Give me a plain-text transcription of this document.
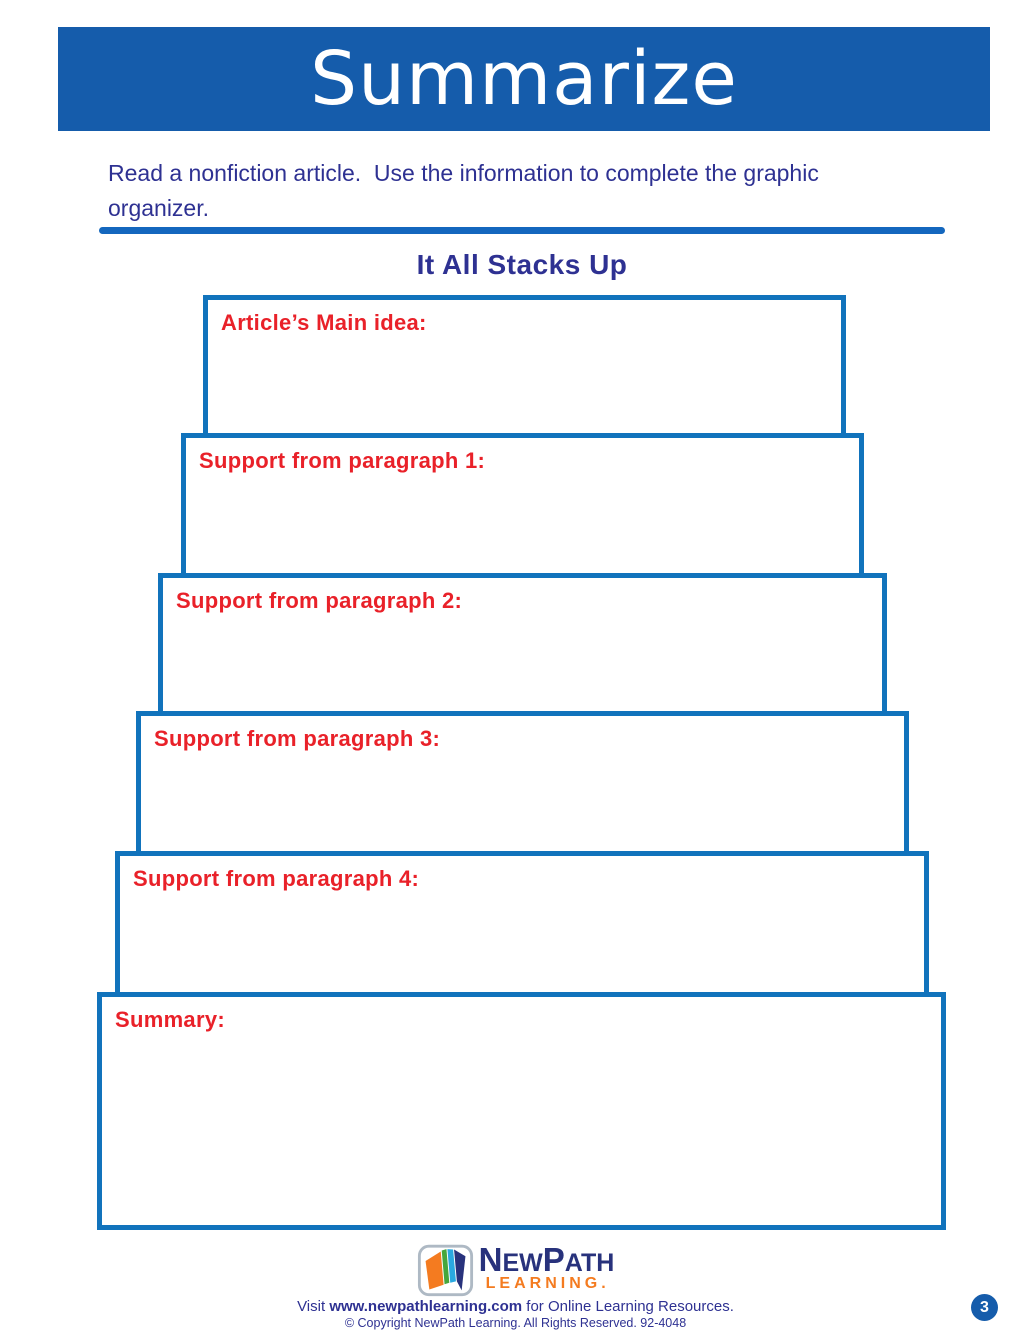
Summarize

Read a nonfiction article.  Use the information to complete the graphic organizer.

It All Stacks Up

Article’s Main idea:

Support from paragraph 1:

Support from paragraph 2:

Support from paragraph 3:

Support from paragraph 4:

Summary:

NEWPATH
LEARNING.

Visit www.newpathlearning.com for Online Learning Resources.

© Copyright NewPath Learning. All Rights Reserved. 92-4048

3
